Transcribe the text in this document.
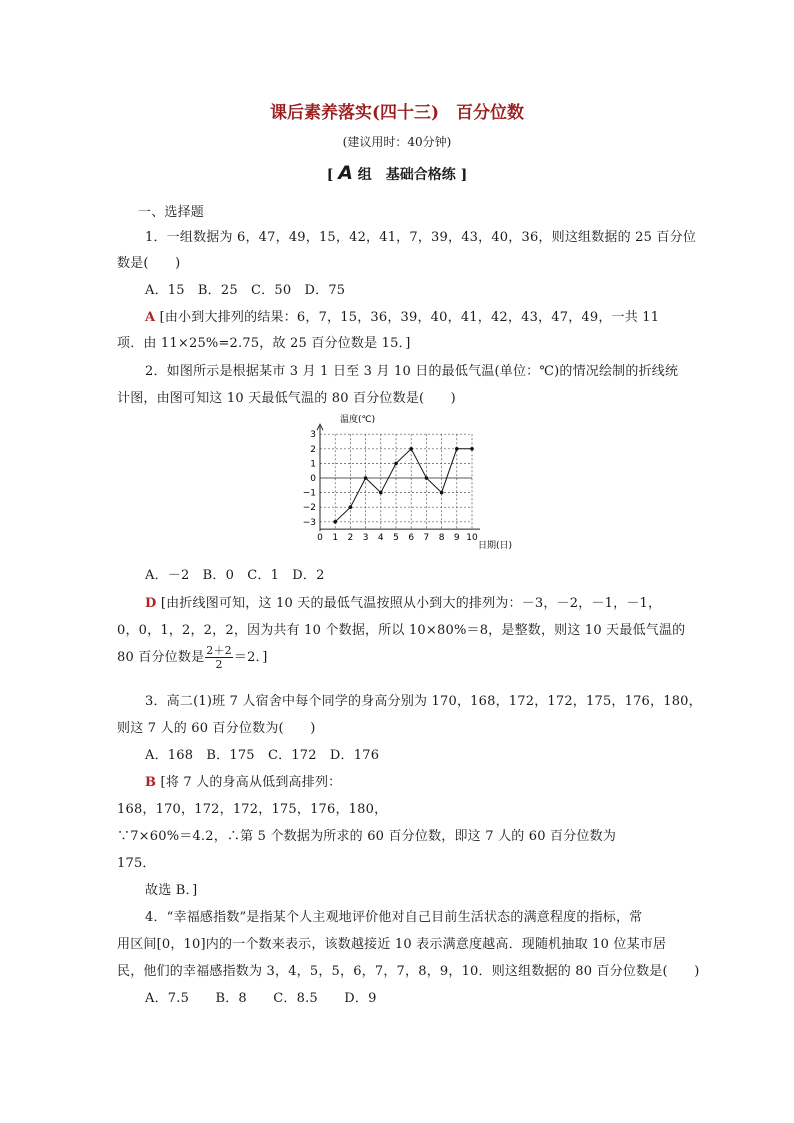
课后素养落实(四十三)　百分位数
(建议用时：40分钟)
[ A 组　基础合格练 ]
一、选择题
1．一组数据为 6，47，49，15，42，41，7，39，43，40，36，则这组数据的 25 百分位
数是(　　)
A．15　B．25　C．50　D．75
A [由小到大排列的结果：6，7，15，36，39，40，41，42，43，47，49，一共 11
项．由 11×25%=2.75，故 25 百分位数是 15．]
2．如图所示是根据某市 3 月 1 日至 3 月 10 日的最低气温(单位：℃)的情况绘制的折线统
计图，由图可知这 10 天最低气温的 80 百分位数是(　　)
3
2
1
0
−1
−2
−3
0 1 2 3 4 5 6 7 8 9 10
温度(℃)
日期(日)
A．－2　B．0　C．1　D．2
D [由折线图可知，这 10 天的最低气温按照从小到大的排列为：－3，－2，－1，－1，
0，0，1，2，2，2，因为共有 10 个数据，所以 10×80%＝8，是整数，则这 10 天最低气温的
80 百分位数是 $\frac{2+2}{2} =2$．]
3．高二(1)班 7 人宿舍中每个同学的身高分别为 170，168，172，172，175，176，180，
则这 7 人的 60 百分位数为(　　)
A．168　B．175　C．172　D．176
B [将 7 人的身高从低到高排列：
168，170，172，172，175，176，180，
∵7×60%＝4.2，∴第 5 个数据为所求的 60 百分位数，即这 7 人的 60 百分位数为
175．
故选 B．]
4．“幸福感指数”是指某个人主观地评价他对自己目前生活状态的满意程度的指标，常
用区间[0，10]内的一个数来表示，该数越接近 10 表示满意度越高．现随机抽取 10 位某市居
民，他们的幸福感指数为 3，4，5，5，6，7，7，8，9，10．则这组数据的 80 百分位数是(　　)
A．7.5　　B．8　　C．8.5　　D．9
